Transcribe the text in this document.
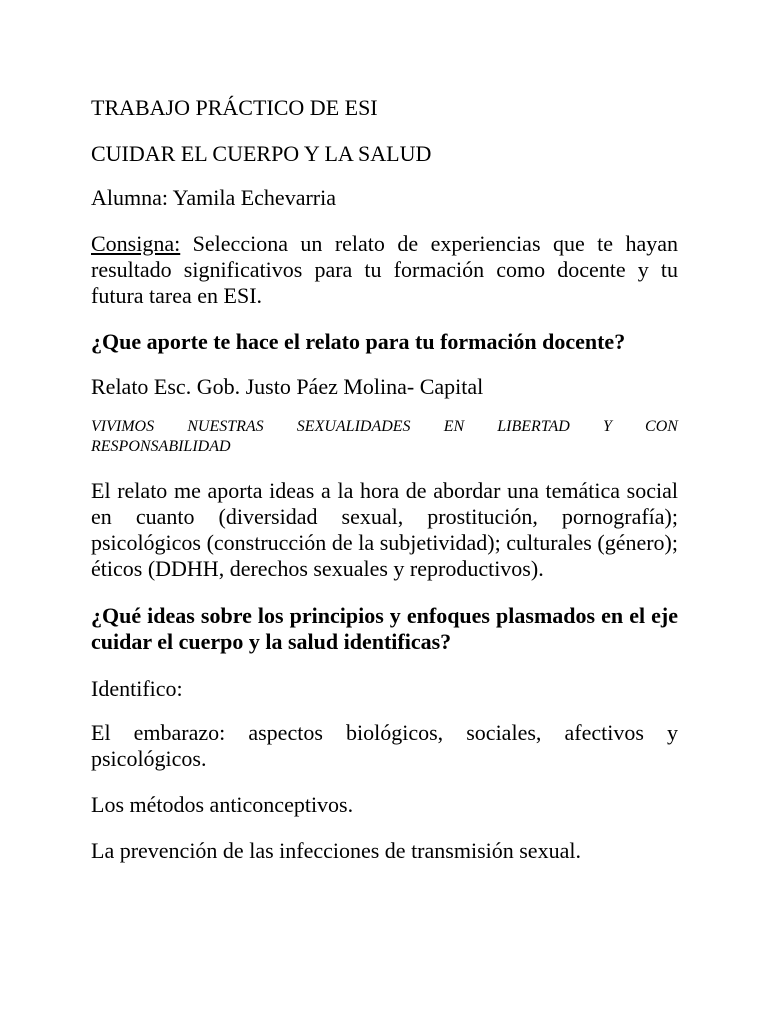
TRABAJO PRÁCTICO DE ESI

CUIDAR EL CUERPO Y LA SALUD

Alumna: Yamila Echevarria

Consigna: Selecciona un relato de experiencias que te hayan resultado significativos para tu formación como docente y tu futura tarea en ESI.

¿Que aporte te hace el relato para tu formación docente?

Relato Esc. Gob. Justo Páez Molina- Capital

VIVIMOS NUESTRAS SEXUALIDADES EN LIBERTAD Y CON
RESPONSABILIDAD

El relato me aporta ideas a la hora de abordar una temática social en cuanto (diversidad sexual, prostitución, pornografía); psicológicos (construcción de la subjetividad); culturales (género); éticos (DDHH, derechos sexuales y reproductivos).

¿Qué ideas sobre los principios y enfoques plasmados en el eje cuidar el cuerpo y la salud identificas?

Identifico:

El embarazo: aspectos biológicos, sociales, afectivos y psicológicos.

Los métodos anticonceptivos.

La prevención de las infecciones de transmisión sexual.
